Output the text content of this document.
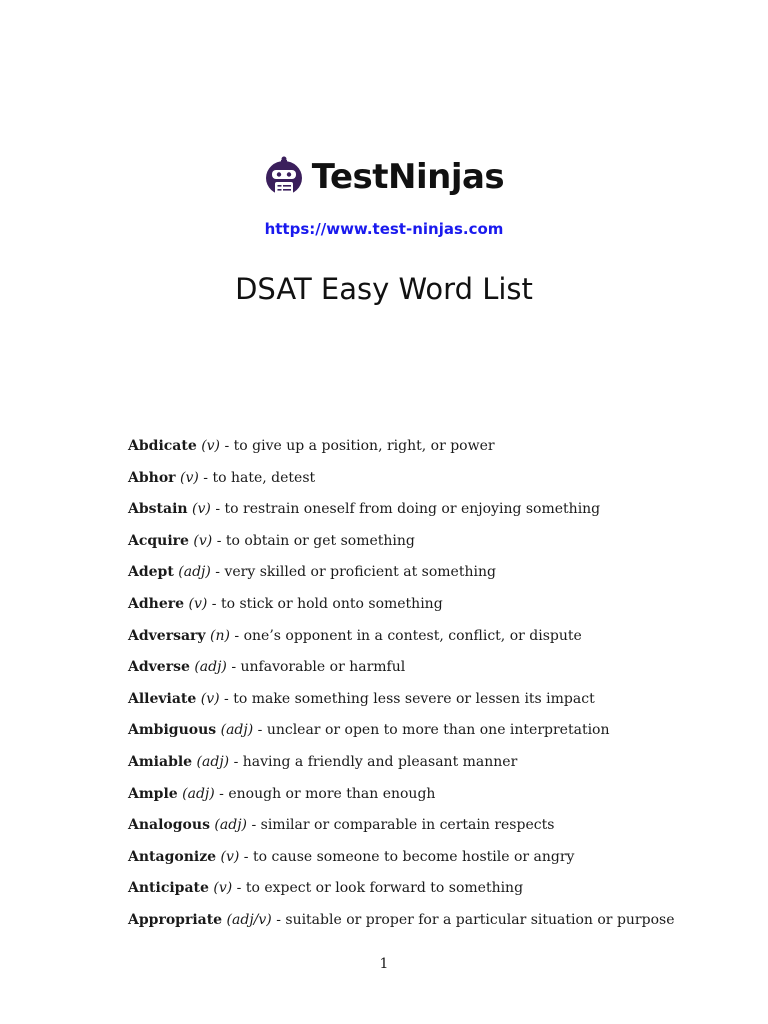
TestNinjas
https://www.test-ninjas.com
DSAT Easy Word List
Abdicate (v) - to give up a position, right, or power
Abhor (v) - to hate, detest
Abstain (v) - to restrain oneself from doing or enjoying something
Acquire (v) - to obtain or get something
Adept (adj) - very skilled or proficient at something
Adhere (v) - to stick or hold onto something
Adversary (n) - one’s opponent in a contest, conflict, or dispute
Adverse (adj) - unfavorable or harmful
Alleviate (v) - to make something less severe or lessen its impact
Ambiguous (adj) - unclear or open to more than one interpretation
Amiable (adj) - having a friendly and pleasant manner
Ample (adj) - enough or more than enough
Analogous (adj) - similar or comparable in certain respects
Antagonize (v) - to cause someone to become hostile or angry
Anticipate (v) - to expect or look forward to something
Appropriate (adj/v) - suitable or proper for a particular situation or purpose
1
